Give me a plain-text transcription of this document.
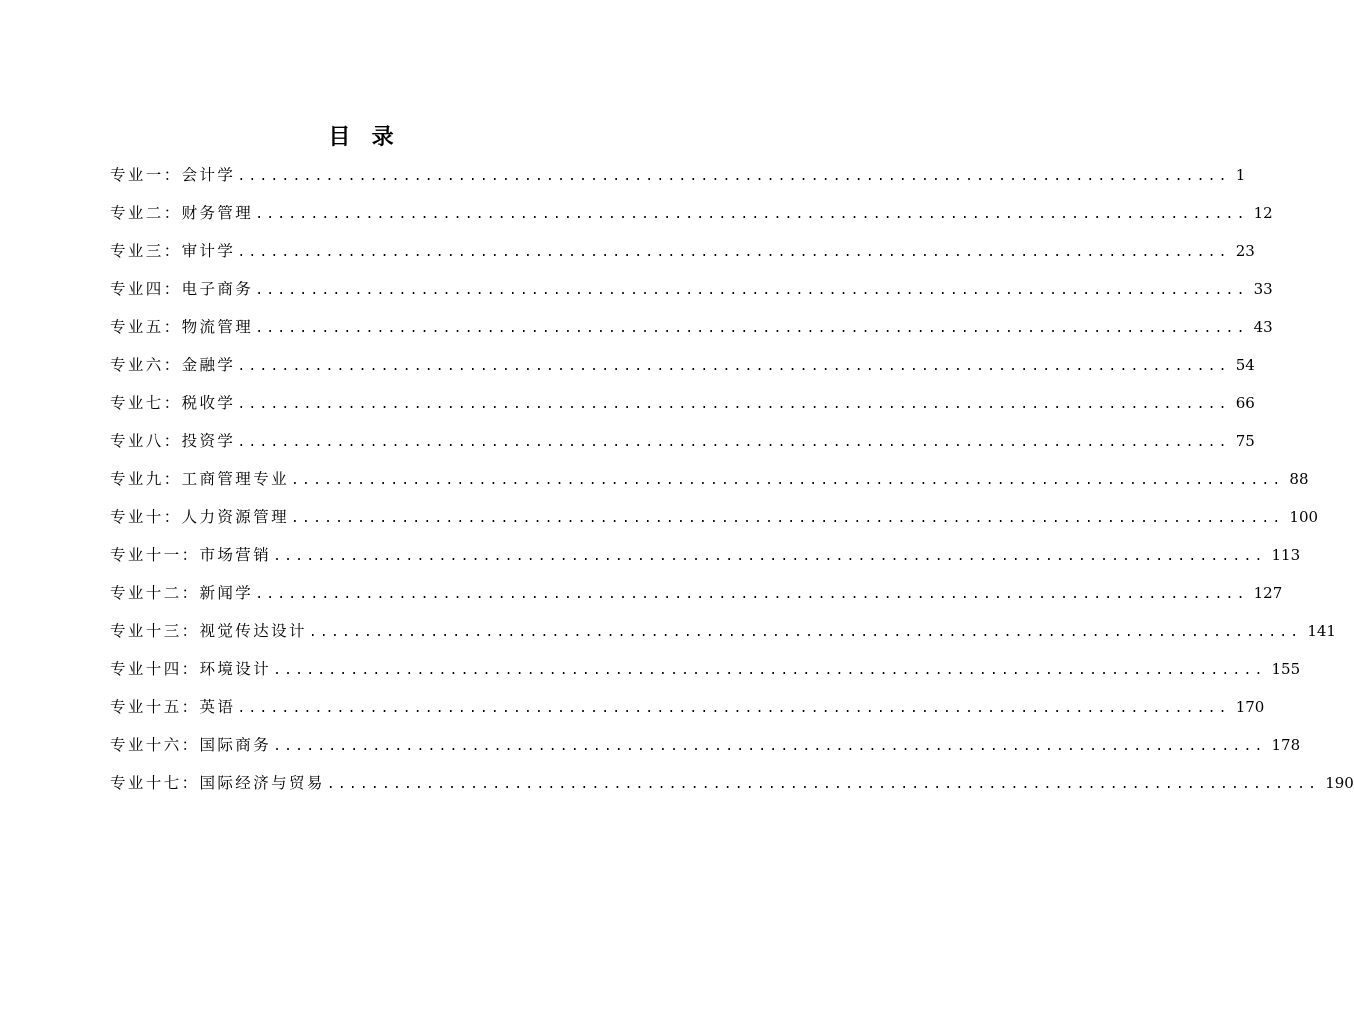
目  录
专业一：会计学 .......................................................................................... 1
专业二：财务管理 .......................................................................................... 12
专业三：审计学 .......................................................................................... 23
专业四：电子商务 .......................................................................................... 33
专业五：物流管理 .......................................................................................... 43
专业六：金融学 .......................................................................................... 54
专业七：税收学 .......................................................................................... 66
专业八：投资学 .......................................................................................... 75
专业九：工商管理专业 .......................................................................................... 88
专业十：人力资源管理 .......................................................................................... 100
专业十一：市场营销 .......................................................................................... 113
专业十二：新闻学 .......................................................................................... 127
专业十三：视觉传达设计 .......................................................................................... 141
专业十四：环境设计 .......................................................................................... 155
专业十五：英语 .......................................................................................... 170
专业十六：国际商务 .......................................................................................... 178
专业十七：国际经济与贸易 .......................................................................................... 190
